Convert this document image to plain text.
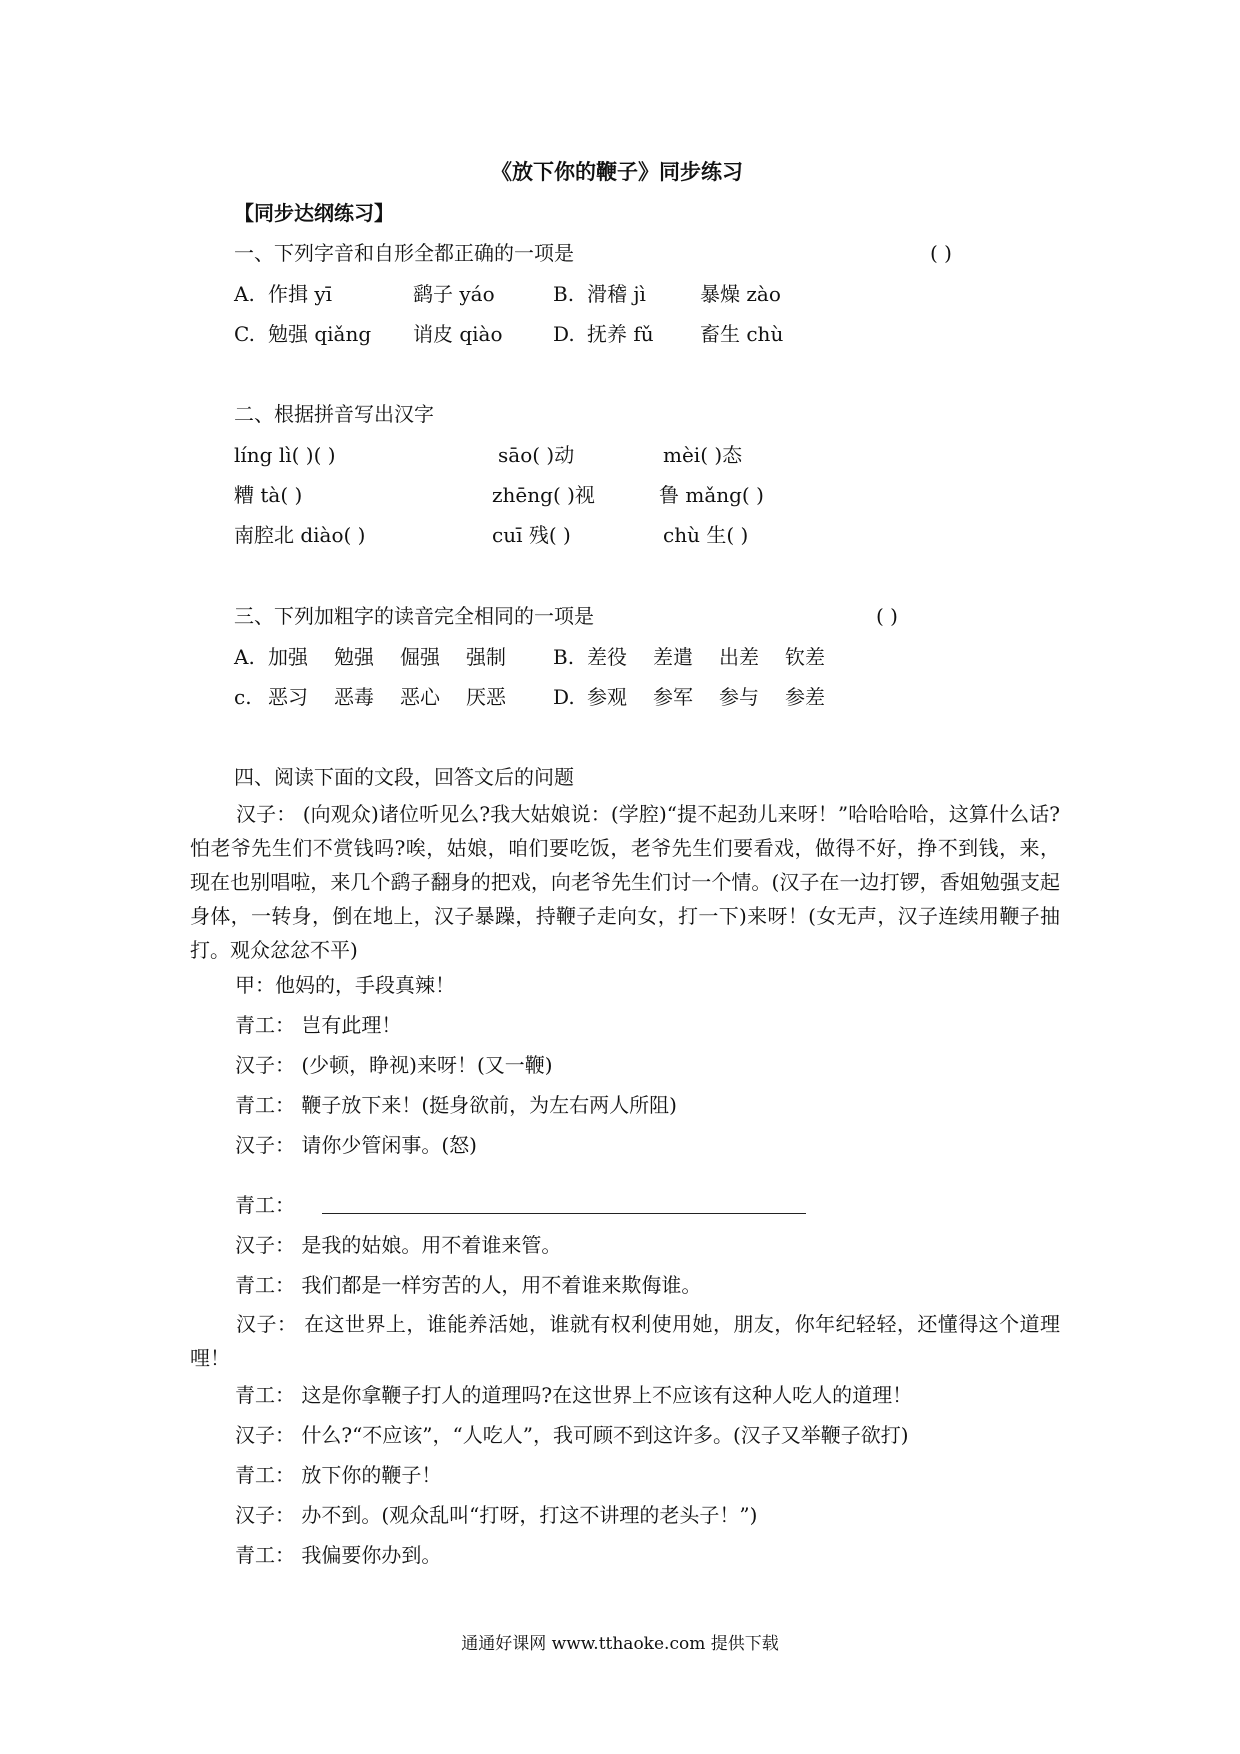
《放下你的鞭子》同步练习
【同步达纲练习】
一、下列字音和自形全都正确的一项是	( )
A. 作揖 yī	鹞子 yáo	B. 滑稽 jì	暴燥 zào
C. 勉强 qiǎng 诮皮 qiào	D. 抚养 fǔ 畜生 chù
二、根据拼音写出汉字
líng lì( )( )	sāo( )动	mèi( )态
糟 tà( )	zhēng( )视	鲁 mǎng( )
南腔北 diào( )	cuī 残( )	chù 生( )
三、下列加粗字的读音完全相同的一项是	( )
A. 加强 勉强 倔强 强制 B. 差役 差遣 出差 钦差
c. 恶习 恶毒 恶心 厌恶 D. 参观 参军 参与 参差
四、阅读下面的文段，回答文后的问题
汉子： (向观众)诸位听见么?我大姑娘说：(学腔)“提不起劲儿来呀！”哈哈哈哈，这算什么话?怕老爷先生们不赏钱吗?唉，姑娘，咱们要吃饭，老爷先生们要看戏，做得不好，挣不到钱，来，现在也别唱啦，来几个鹞子翻身的把戏，向老爷先生们讨一个情。(汉子在一边打锣，香姐勉强支起身体，一转身，倒在地上，汉子暴躁，持鞭子走向女，打一下)来呀！(女无声，汉子连续用鞭子抽打。观众忿忿不平)
甲：他妈的，手段真辣！
青工： 岂有此理！
汉子： (少顿，睁视)来呀！(又一鞭)
青工： 鞭子放下来！(挺身欲前，为左右两人所阻)
汉子： 请你少管闲事。(怒)
青工：
汉子： 是我的姑娘。用不着谁来管。
青工： 我们都是一样穷苦的人，用不着谁来欺侮谁。
汉子： 在这世界上，谁能养活她，谁就有权利使用她，朋友，你年纪轻轻，还懂得这个道理哩！
青工： 这是你拿鞭子打人的道理吗?在这世界上不应该有这种人吃人的道理！
汉子： 什么?“不应该”，“人吃人”，我可顾不到这许多。(汉子又举鞭子欲打)
青工： 放下你的鞭子！
汉子： 办不到。(观众乱叫“打呀，打这不讲理的老头子！”)
青工： 我偏要你办到。
通通好课网 www.tthaoke.com 提供下载
